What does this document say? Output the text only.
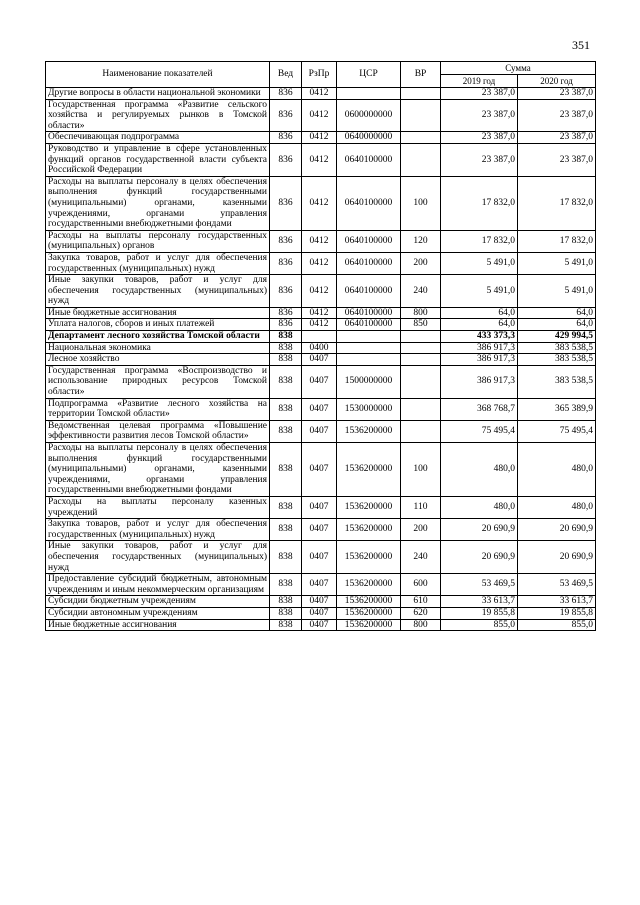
351
Наименование показателей	Вед	РзПр	ЦСР	ВР	Сумма	
					2019 год	2020 год
Другие вопросы в области национальной экономики	836	0412			23 387,0	23 387,0
Государственная программа «Развитие сельского хозяйства и регулируемых рынков в Томской области»	836	0412	0600000000		23 387,0	23 387,0
Обеспечивающая подпрограмма	836	0412	0640000000		23 387,0	23 387,0
Руководство и управление в сфере установленных функций органов государственной власти субъекта Российской Федерации	836	0412	0640100000		23 387,0	23 387,0
Расходы на выплаты персоналу в целях обеспечения выполнения функций государственными (муниципальными) органами, казенными учреждениями, органами управления государственными внебюджетными фондами	836	0412	0640100000	100	17 832,0	17 832,0
Расходы на выплаты персоналу государственных (муниципальных) органов	836	0412	0640100000	120	17 832,0	17 832,0
Закупка товаров, работ и услуг для обеспечения государственных (муниципальных) нужд	836	0412	0640100000	200	5 491,0	5 491,0
Иные закупки товаров, работ и услуг для обеспечения государственных (муниципальных) нужд	836	0412	0640100000	240	5 491,0	5 491,0
Иные бюджетные ассигнования	836	0412	0640100000	800	64,0	64,0
Уплата налогов, сборов и иных платежей	836	0412	0640100000	850	64,0	64,0
Департамент лесного хозяйства Томской области	838				433 373,3	429 994,5
Национальная экономика	838	0400			386 917,3	383 538,5
Лесное хозяйство	838	0407			386 917,3	383 538,5
Государственная программа «Воспроизводство и использование природных ресурсов Томской области»	838	0407	1500000000		386 917,3	383 538,5
Подпрограмма «Развитие лесного хозяйства на территории Томской области»	838	0407	1530000000		368 768,7	365 389,9
Ведомственная целевая программа «Повышение эффективности развития лесов Томской области»	838	0407	1536200000		75 495,4	75 495,4
Расходы на выплаты персоналу в целях обеспечения выполнения функций государственными (муниципальными) органами, казенными учреждениями, органами управления государственными внебюджетными фондами	838	0407	1536200000	100	480,0	480,0
Расходы на выплаты персоналу казенных учреждений	838	0407	1536200000	110	480,0	480,0
Закупка товаров, работ и услуг для обеспечения государственных (муниципальных) нужд	838	0407	1536200000	200	20 690,9	20 690,9
Иные закупки товаров, работ и услуг для обеспечения государственных (муниципальных) нужд	838	0407	1536200000	240	20 690,9	20 690,9
Предоставление субсидий бюджетным, автономным учреждениям и иным некоммерческим организациям	838	0407	1536200000	600	53 469,5	53 469,5
Субсидии бюджетным учреждениям	838	0407	1536200000	610	33 613,7	33 613,7
Субсидии автономным учреждениям	838	0407	1536200000	620	19 855,8	19 855,8
Иные бюджетные ассигнования	838	0407	1536200000	800	855,0	855,0
